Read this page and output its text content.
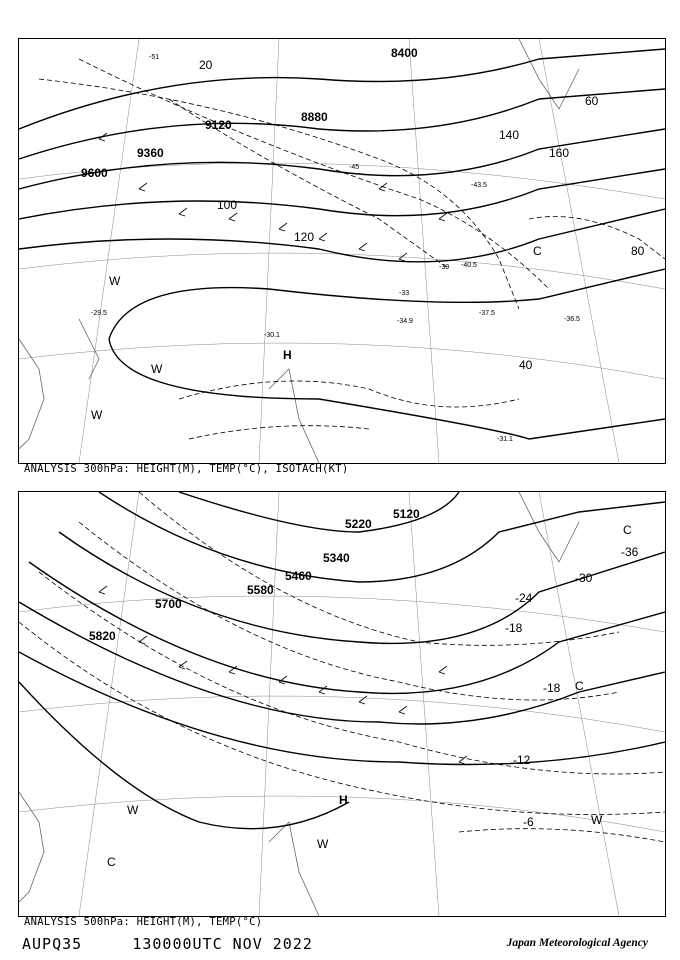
8400
8880
9120
9360
9600
20
40
60
80
100
120
140
160
-51
-45
-39
-33
-36.5
-34.9
-30.1
-31.1
-29.5	-37.5
-40.5
-43.5
H
W
W
W
C
ANALYSIS 300hPa: HEIGHT(M), TEMP(°C), ISOTACH(KT)
5120
5220
5340
5460
5580
5700
5820
-36
-30
-24
-18
-18
-12
-6
H
C
C
W
W
W
C
ANALYSIS 500hPa: HEIGHT(M), TEMP(°C)
AUPQ35     130000UTC NOV 2022	Japan Meteorological Agency
